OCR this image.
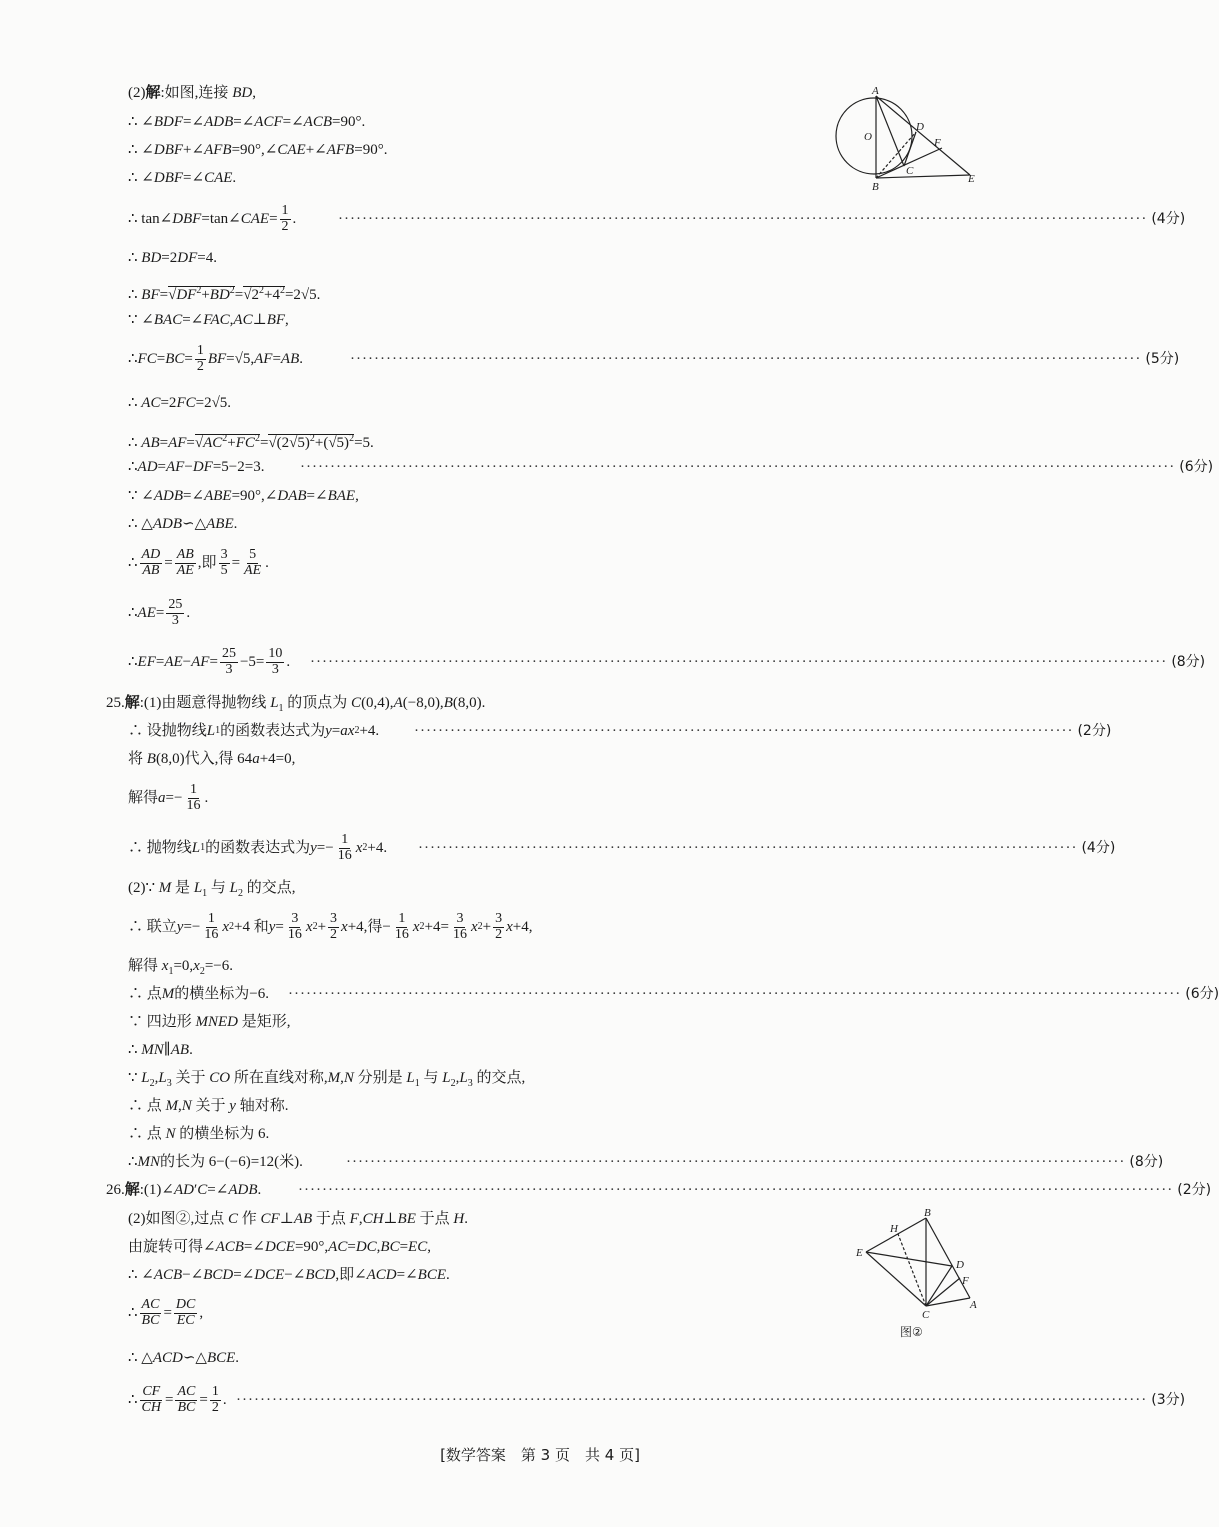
(2)解:如图,连接 BD,
∴ ∠BDF=∠ADB=∠ACF=∠ACB=90°.
∴ ∠DBF+∠AFB=90°,∠CAE+∠AFB=90°.
∴ ∠DBF=∠CAE.
∴ tan∠ DBF =tan∠ CAE = $\frac{1}{2}$ .	······································································································································· (4分)
∴ BD=2DF=4.
∴ $BF=√DF^2+BD^2=√2^2+4^2=2√5$.
∵ ∠BAC=∠FAC,AC⊥BF,
∴ FC = BC = $\frac{1}{2}$ BF =√5, AF = AB .	···································································································································· (5分)
∴ AC=2FC=2√5.
∴ $AB=AF=√AC^2+FC^2=√(2√5)^2+(√5)^2=5$.
∴ AD = AF − DF =5−2=3. ·················································································································································· (6分)
∵ ∠ADB=∠ABE=90°,∠DAB=∠BAE,
∴ △ADB∽△ABE.
∴ $\frac{AD}{AB} = \frac{AB}{AE}$ ,即 $\frac{3}{5} = \frac{5}{AE}$ .
∴ AE = $\frac{25}{3}$ .
∴ EF = AE − AF = $\frac{25}{3} -5= \frac{10}{3}$ . ··············································································································································· (8分)
25.解:(1)由题意得抛物线 $L_1$ 的顶点为 C(0,4),A(−8,0),B(8,0).
∴ 设抛物线 L 1 的函数表达式为 y = ax 2 +4. ·············································································································· (2分)
将 B(8,0)代入,得 64a+4=0,
解得 $a =- \frac{1}{16}$ .
∴ 抛物线 L 1 的函数表达式为 $y =- \frac{1}{16}$ x 2 +4. ·············································································································· (4分)
(2)∵ M 是 $L_1$ 与 $L_2$ 的交点,
∴ 联立 $y =- \frac{1}{16}$ x 2 +4 和 $y = \frac{3}{16}$ x $2 + \frac{3}{2}$ x +4,得− $\frac{1}{16}$ x $2 +4= \frac{3}{16}$ x $2 + \frac{3}{2}$ x +4,
解得 $x_1=0,x_2=-6$.
∴ 点 M 的横坐标为−6. ····················································································································································· (6分)
∵ 四边形 MNED 是矩形,
∴ MN∥AB.
∵ $L_2,L_3$ 关于 CO 所在直线对称,M,N 分别是 $L_1$ 与 $L_2,L_3$ 的交点,
∴ 点 M,N 关于 y 轴对称.
∴ 点 N 的横坐标为 6.
∴ MN 的长为 6−(−6)=12(米).	·································································································································· (8分)
26. 解 :(1)∠ AD ′ C =∠ ADB . ·················································································································································· (2分)
(2)如图②,过点 C 作 CF⊥AB 于点 F,CH⊥BE 于点 H.
由旋转可得∠ACB=∠DCE=90°,AC=DC,BC=EC,
∴ ∠ACB−∠BCD=∠DCE−∠BCD,即∠ACD=∠BCE.
∴ $\frac{AC}{BC} = \frac{DC}{EC}$ ,
∴ △ACD∽△BCE.
∴ $\frac{CF}{CH} = \frac{AC}{BC} = \frac{1}{2}$ . ························································································································································ (3分)
A
O
D
F
C
B
E
H
B
E
D
F
C
A
图②
[数学答案　第 3 页　共 4 页]
